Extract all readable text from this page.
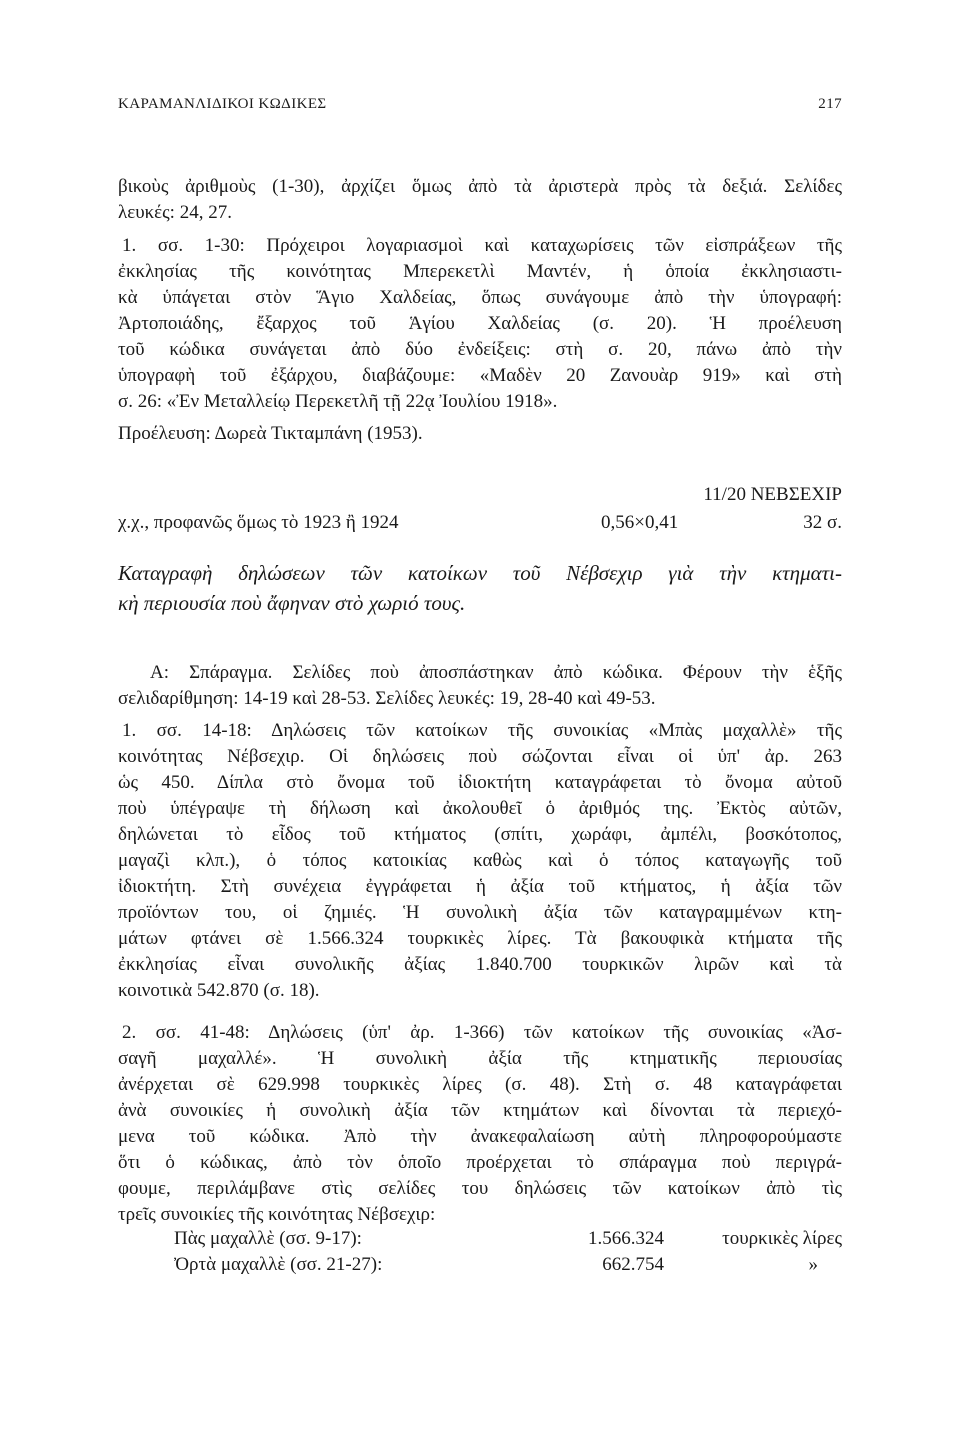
ΚΑΡΑΜΑΝΛΙΔΙΚΟΙ ΚΩΔΙΚΕΣ	217
βικοὺς ἀριθμοὺς (1-30), ἀρχίζει ὅμως ἀπὸ τὰ ἀριστερὰ πρὸς τὰ δεξιά. Σελίδες
λευκές: 24, 27.
1. σσ. 1-30: Πρόχειροι λογαριασμοὶ καὶ καταχωρίσεις τῶν εἰσπράξεων τῆς
ἐκκλησίας τῆς κοινότητας Μπερεκετλὶ Μαντέν, ἡ ὁποία ἐκκλησιαστι-
κὰ ὑπάγεται στὸν Ἅγιο Χαλδείας, ὅπως συνάγουμε ἀπὸ τὴν ὑπογραφή:
Ἀρτοποιάδης, ἔξαρχος τοῦ Ἁγίου Χαλδείας (σ. 20). Ἡ προέλευση
τοῦ κώδικα συνάγεται ἀπὸ δύο ἐνδείξεις: στὴ σ. 20, πάνω ἀπὸ τὴν
ὑπογραφὴ τοῦ ἐξάρχου, διαβάζουμε: «Μαδὲν 20 Ζανουὰρ 919» καὶ στὴ
σ. 26: «Ἐν Μεταλλείῳ Περεκετλῆ τῇ 22ᾳ Ἰουλίου 1918».
Προέλευση: Δωρεὰ Τικταμπάνη (1953).
11/20 ΝΕΒΣΕΧΙΡ
χ.χ., προφανῶς ὅμως τὸ 1923 ἢ 1924	0,56×0,41	32 σ.
Καταγραφὴ δηλώσεων τῶν κατοίκων τοῦ Νέβσεχιρ γιὰ τὴν κτηματι-
κὴ περιουσία ποὺ ἄφηναν στὸ χωριό τους.
Α: Σπάραγμα. Σελίδες ποὺ ἀποσπάστηκαν ἀπὸ κώδικα. Φέρουν τὴν ἑξῆς
σελιδαρίθμηση: 14-19 καὶ 28-53. Σελίδες λευκές: 19, 28-40 καὶ 49-53.
1. σσ. 14-18: Δηλώσεις τῶν κατοίκων τῆς συνοικίας «Μπὰς μαχαλλὲ» τῆς
κοινότητας Νέβσεχιρ. Οἱ δηλώσεις ποὺ σώζονται εἶναι οἱ ὑπ' ἀρ. 263
ὡς 450. Δίπλα στὸ ὄνομα τοῦ ἰδιοκτήτη καταγράφεται τὸ ὄνομα αὐτοῦ
ποὺ ὑπέγραψε τὴ δήλωση καὶ ἀκολουθεῖ ὁ ἀριθμός της. Ἐκτὸς αὐτῶν,
δηλώνεται τὸ εἶδος τοῦ κτήματος (σπίτι, χωράφι, ἀμπέλι, βοσκότοπος,
μαγαζὶ κλπ.), ὁ τόπος κατοικίας καθὼς καὶ ὁ τόπος καταγωγῆς τοῦ
ἰδιοκτήτη. Στὴ συνέχεια ἐγγράφεται ἡ ἀξία τοῦ κτήματος, ἡ ἀξία τῶν
προϊόντων του, οἱ ζημιές. Ἡ συνολικὴ ἀξία τῶν καταγραμμένων κτη-
μάτων φτάνει σὲ 1.566.324 τουρκικὲς λίρες. Τὰ βακουφικὰ κτήματα τῆς
ἐκκλησίας εἶναι συνολικῆς ἀξίας 1.840.700 τουρκικῶν λιρῶν καὶ τὰ
κοινοτικὰ 542.870 (σ. 18).
2. σσ. 41-48: Δηλώσεις (ὑπ' ἀρ. 1-366) τῶν κατοίκων τῆς συνοικίας «Ἀσ-
σαγῆ μαχαλλέ». Ἡ συνολικὴ ἀξία τῆς κτηματικῆς περιουσίας
ἀνέρχεται σὲ 629.998 τουρκικὲς λίρες (σ. 48). Στὴ σ. 48 καταγράφεται
ἀνὰ συνοικίες ἡ συνολικὴ ἀξία τῶν κτημάτων καὶ δίνονται τὰ περιεχό-
μενα τοῦ κώδικα. Ἀπὸ τὴν ἀνακεφαλαίωση αὐτὴ πληροφορούμαστε
ὅτι ὁ κώδικας, ἀπὸ τὸν ὁποῖο προέρχεται τὸ σπάραγμα ποὺ περιγρά-
φουμε, περιλάμβανε στὶς σελίδες του δηλώσεις τῶν κατοίκων ἀπὸ τὶς
τρεῖς συνοικίες τῆς κοινότητας Νέβσεχιρ:
Πὰς μαχαλλὲ (σσ. 9-17):	1.566.324	τουρκικὲς λίρες
Ὀρτὰ μαχαλλὲ (σσ. 21-27):	662.754	»
